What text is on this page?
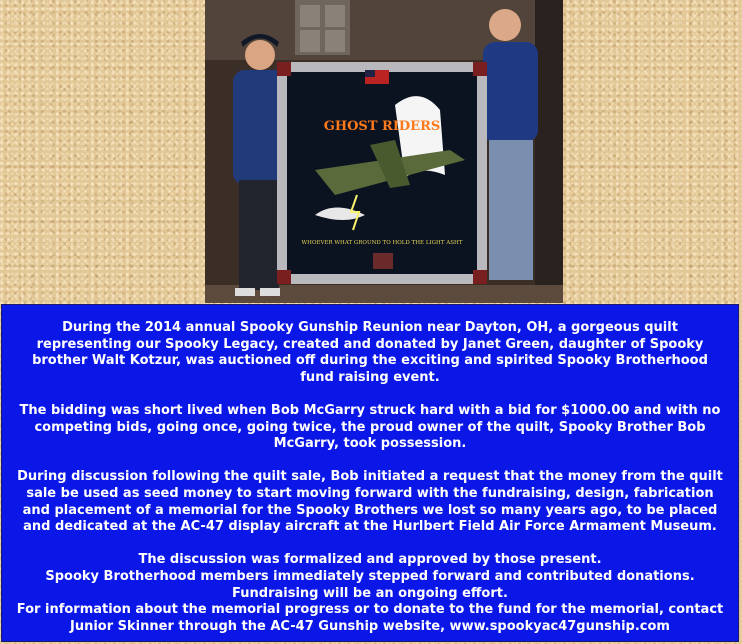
GHOST RIDERS
WHOEVER WHAT GROUND TO HOLD THE LIGHT ASHT

During the 2014 annual Spooky Gunship Reunion near Dayton, OH, a gorgeous quilt representing our Spooky Legacy, created and donated by Janet Green, daughter of Spooky brother Walt Kotzur, was auctioned off during the exciting and spirited Spooky Brotherhood fund raising event.

The bidding was short lived when Bob McGarry struck hard with a bid for $1000.00 and with no competing bids, going once, going twice, the proud owner of the quilt, Spooky Brother Bob McGarry, took possession.

During discussion following the quilt sale, Bob initiated a request that the money from the quilt sale be used as seed money to start moving forward with the fundraising, design, fabrication and placement of a memorial for the Spooky Brothers we lost so many years ago, to be placed and dedicated at the AC-47 display aircraft at the Hurlbert Field Air Force Armament Museum.

The discussion was formalized and approved by those present.

Spooky Brotherhood members immediately stepped forward and contributed donations.

Fundraising will be an ongoing effort.

For information about the memorial progress or to donate to the fund for the memorial, contact Junior Skinner through the AC-47 Gunship website, www.spookyac47gunship.com
